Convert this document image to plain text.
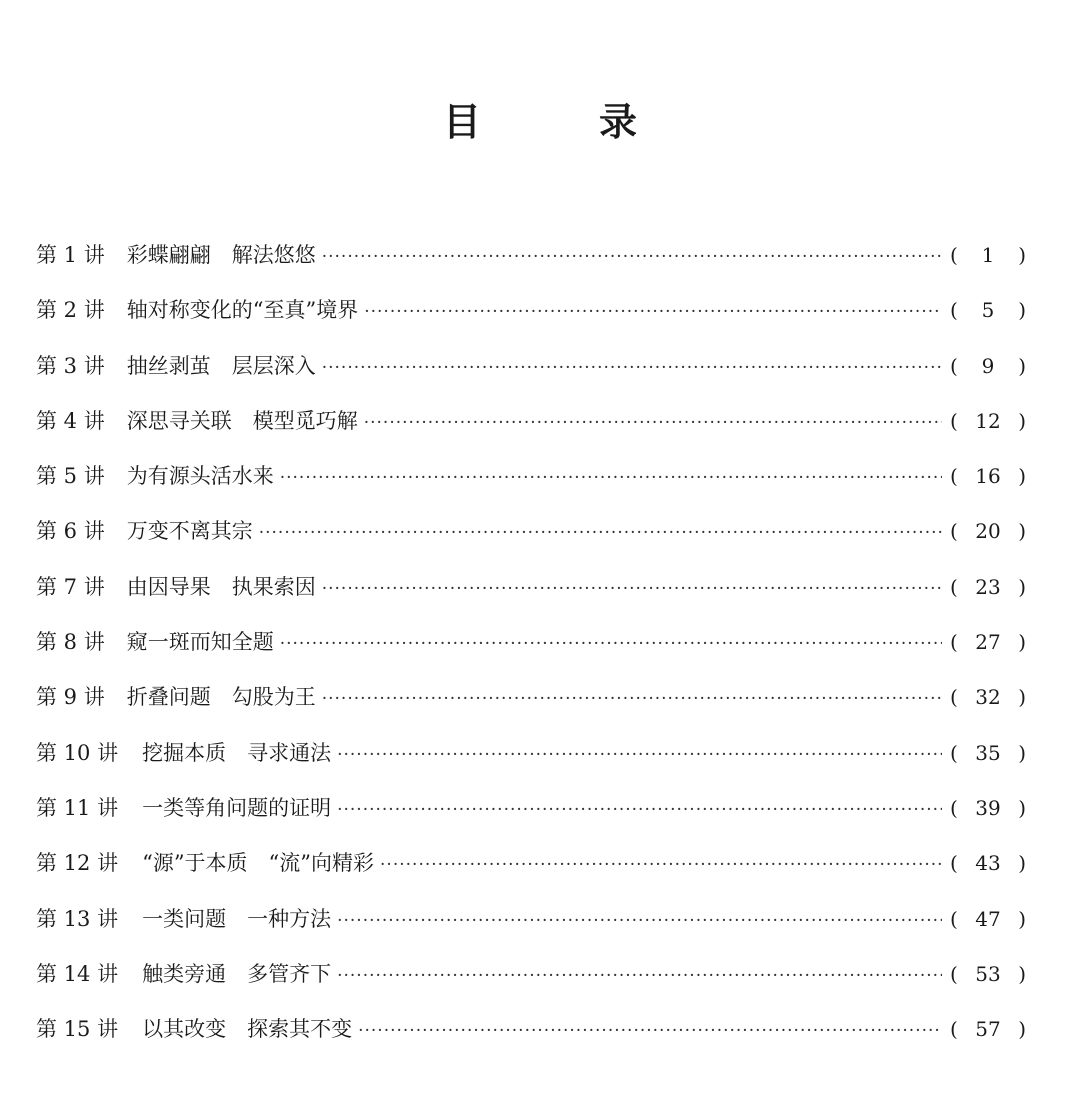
目　录
第 1 讲	彩蝶翩翩　解法悠悠 ·····	(	1	)
第 2 讲	轴对称变化的“至真”境界 ·····	(	5	)
第 3 讲	抽丝剥茧　层层深入 ·····	(	9	)
第 4 讲	深思寻关联　模型觅巧解 ·····	( 12 )
第 5 讲	为有源头活水来 ·····	( 16 )
第 6 讲	万变不离其宗 ·····	( 20 )
第 7 讲	由因导果　执果索因 ·····	( 23 )
第 8 讲	窥一斑而知全题 ·····	( 27 )
第 9 讲	折叠问题　勾股为王 ·····	( 32 )
第 10 讲	挖掘本质　寻求通法 ·····	( 35 )
第 11 讲	一类等角问题的证明 ·····	( 39 )
第 12 讲	“源”于本质　“流”向精彩 ·····	( 43 )
第 13 讲	一类问题　一种方法 ·····	( 47 )
第 14 讲	触类旁通　多管齐下 ·····	( 53 )
第 15 讲	以其改变　探索其不变 ·····	( 57 )
